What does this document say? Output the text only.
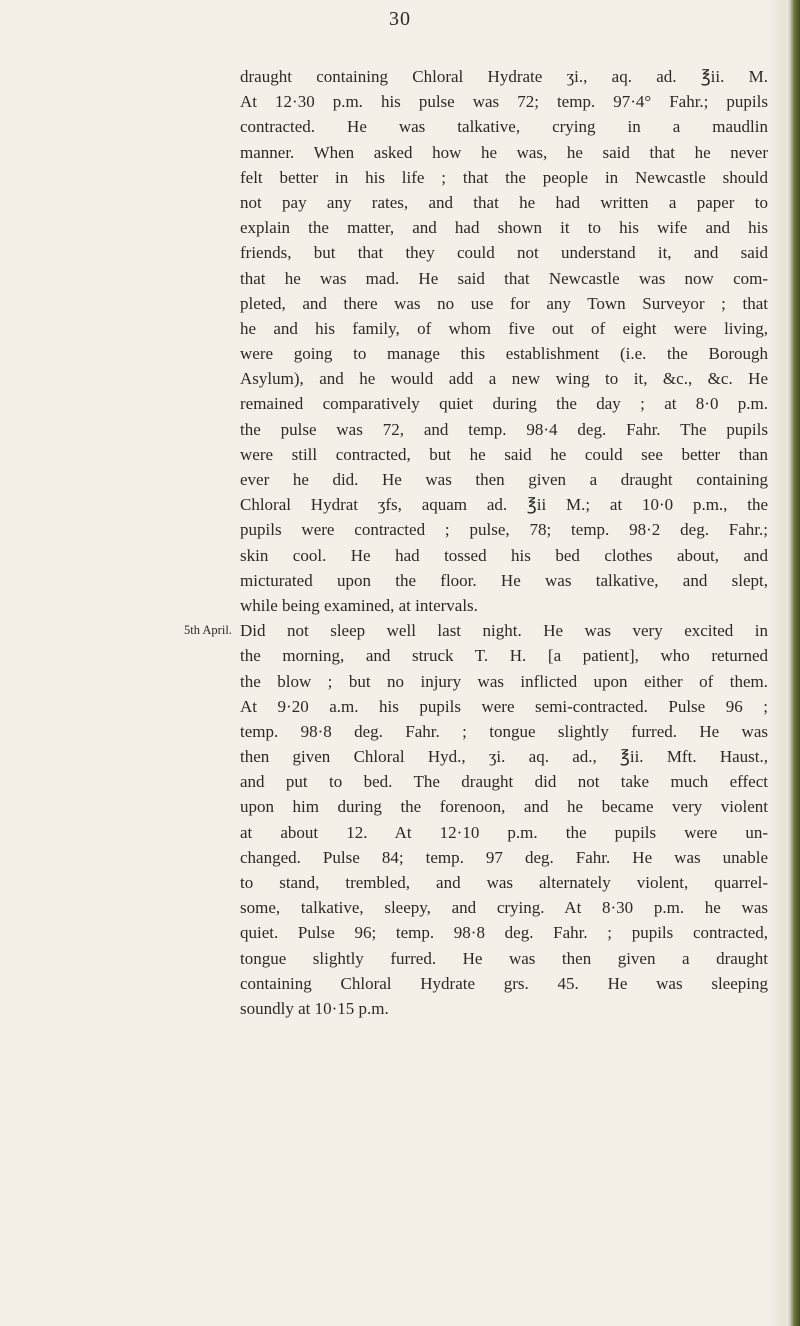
30
draught containing Chloral Hydrate ʒi., aq. ad. ℥ii. M.
At 12·30 p.m. his pulse was 72; temp. 97·4° Fahr.; pupils
contracted. He was talkative, crying in a maudlin
manner. When asked how he was, he said that he never
felt better in his life ; that the people in Newcastle should
not pay any rates, and that he had written a paper to
explain the matter, and had shown it to his wife and his
friends, but that they could not understand it, and said
that he was mad. He said that Newcastle was now com-
pleted, and there was no use for any Town Surveyor ; that
he and his family, of whom five out of eight were living,
were going to manage this establishment (i.e. the Borough
Asylum), and he would add a new wing to it, &c., &c. He
remained comparatively quiet during the day ; at 8·0 p.m.
the pulse was 72, and temp. 98·4 deg. Fahr. The pupils
were still contracted, but he said he could see better than
ever he did. He was then given a draught containing
Chloral Hydrat ʒfs, aquam ad. ℥ii M.; at 10·0 p.m., the
pupils were contracted ; pulse, 78; temp. 98·2 deg. Fahr.;
skin cool. He had tossed his bed clothes about, and
micturated upon the floor. He was talkative, and slept,
while being examined, at intervals.
Did not sleep well last night. He was very excited in
the morning, and struck T. H. [a patient], who returned
the blow ; but no injury was inflicted upon either of them.
At 9·20 a.m. his pupils were semi-contracted. Pulse 96 ;
temp. 98·8 deg. Fahr. ; tongue slightly furred. He was
then given Chloral Hyd., ʒi. aq. ad., ℥ii. Mft. Haust.,
and put to bed. The draught did not take much effect
upon him during the forenoon, and he became very violent
at about 12. At 12·10 p.m. the pupils were un-
changed. Pulse 84; temp. 97 deg. Fahr. He was unable
to stand, trembled, and was alternately violent, quarrel-
some, talkative, sleepy, and crying. At 8·30 p.m. he was
quiet. Pulse 96; temp. 98·8 deg. Fahr. ; pupils contracted,
tongue slightly furred. He was then given a draught
containing Chloral Hydrate grs. 45. He was sleeping
soundly at 10·15 p.m.
5th April.
